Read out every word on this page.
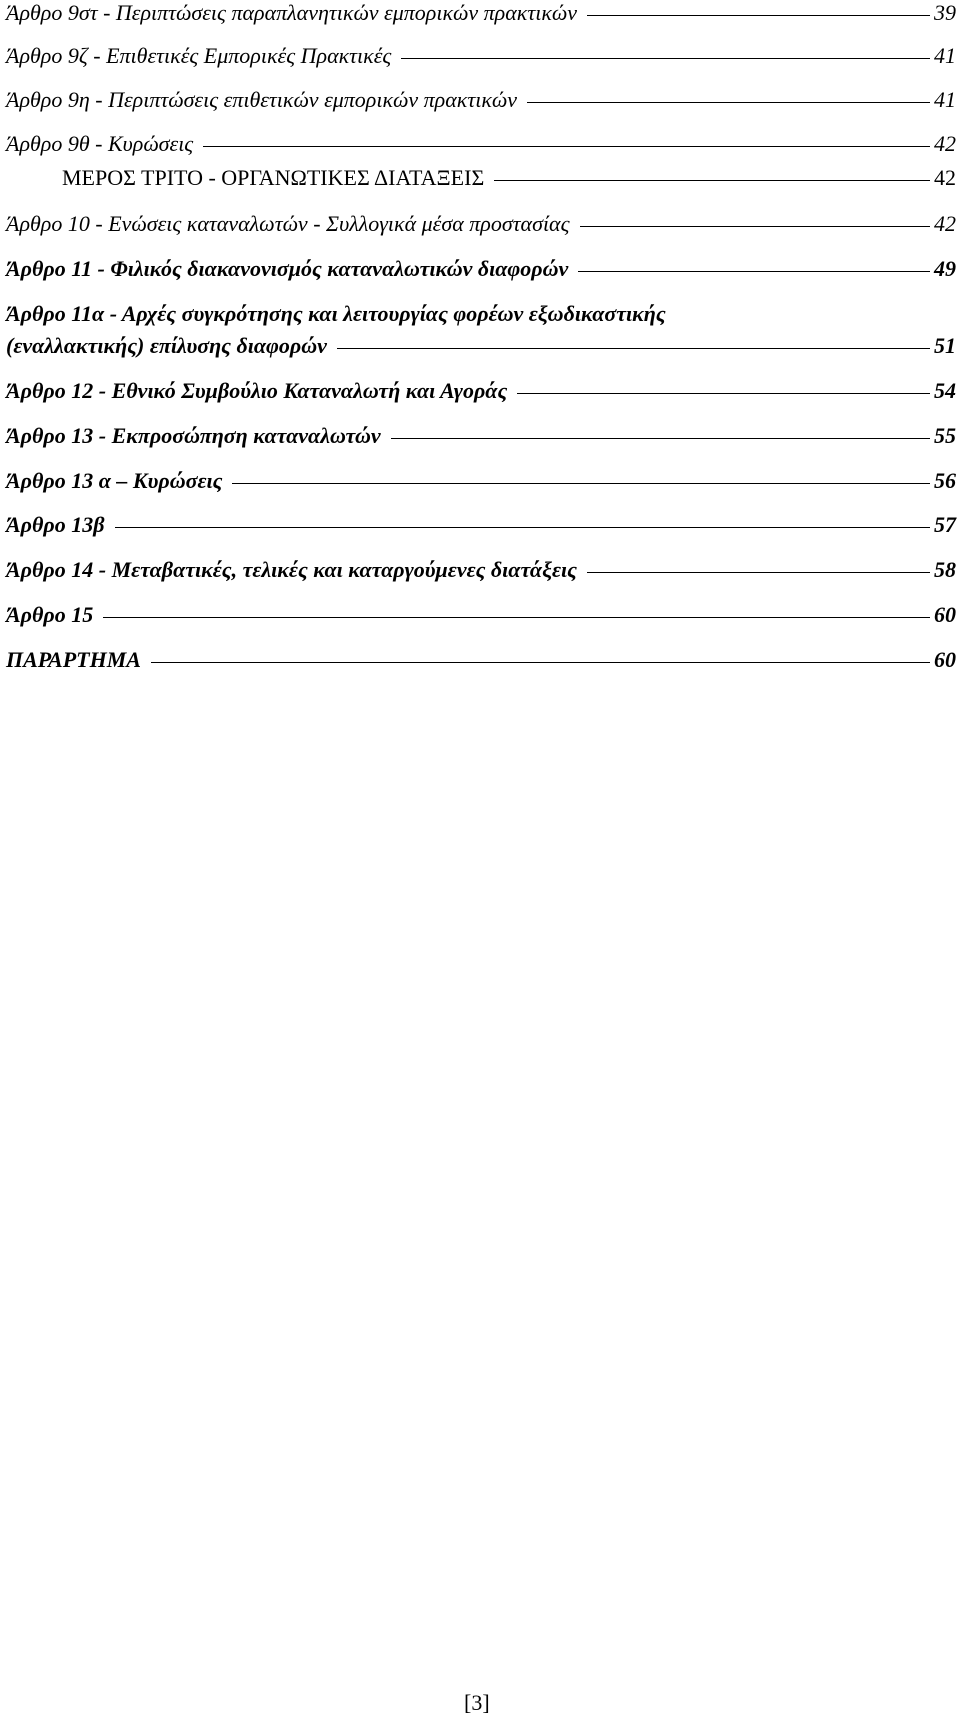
Άρθρο 9στ - Περιπτώσεις παραπλανητικών εμπορικών πρακτικών	39
Άρθρο 9ζ - Επιθετικές Εμπορικές Πρακτικές	41
Άρθρο 9η - Περιπτώσεις επιθετικών εμπορικών πρακτικών	41
Άρθρο 9θ - Κυρώσεις	42
ΜΕΡΟΣ ΤΡΙΤΟ - ΟΡΓΑΝΩΤΙΚΕΣ ΔΙΑΤΑΞΕΙΣ	42
Άρθρο 10 - Ενώσεις καταναλωτών - Συλλογικά μέσα προστασίας	42
Άρθρο 11 - Φιλικός διακανονισμός καταναλωτικών διαφορών	49
Άρθρο 11α - Αρχές συγκρότησης και λειτουργίας φορέων εξωδικαστικής
(εναλλακτικής) επίλυσης διαφορών	51
Άρθρο 12 - Εθνικό Συμβούλιο Καταναλωτή και Αγοράς	54
Άρθρο 13 - Εκπροσώπηση καταναλωτών	55
Άρθρο 13 α – Κυρώσεις	56
Άρθρο 13β	57
Άρθρο 14 - Μεταβατικές, τελικές και καταργούμενες διατάξεις	58
Άρθρο 15	60
ΠΑΡΑΡΤΗΜΑ	60
[3]
